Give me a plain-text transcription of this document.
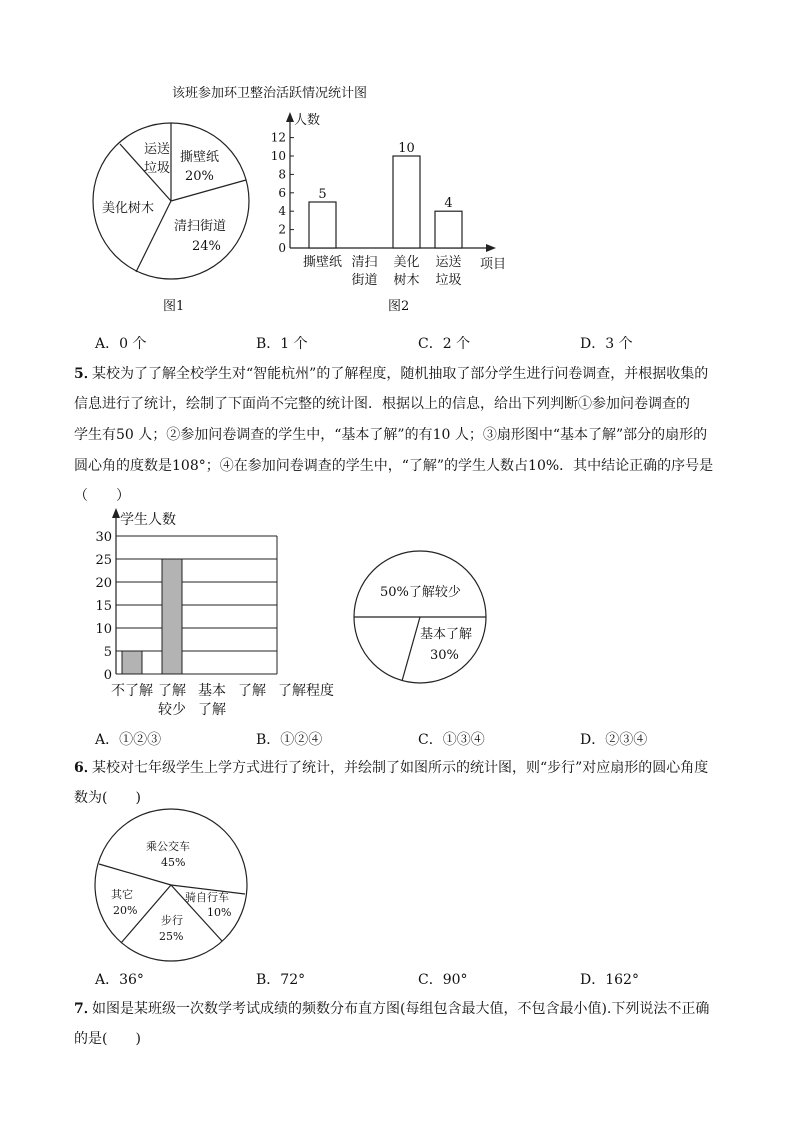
该班参加环卫整治活跃情况统计图
运送
垃圾
撕壁纸
20%
美化树木
清扫街道
24%
图1
人数
项目
0
2
4
6
8
10
12
5
撕壁纸 清扫
街道
10
美化
树木
4
运送
垃圾
图2
A．0 个	B．1 个	C．2 个	D．3 个
5．
某校为了了解全校学生对“智能杭州”的了解程度，随机抽取了部分学生进行问卷调查，并根据收集的
信息进行了统计，绘制了下面尚不完整的统计图．根据以上的信息，给出下列判断①参加问卷调查的
学生有50 人；②参加问卷调查的学生中，“基本了解”的有10 人；③扇形图中“基本了解”部分的扇形的
圆心角的度数是108°；④在参加问卷调查的学生中，“了解”的学生人数占10%．其中结论正确的序号是
（　　）
学生人数
0
5
10
15
20
25
30
不了解 了解
较少
基本
了解
了解 了解程度
50%了解较少
基本了解
30%
A．①②③	B．①②④	C．①③④	D．②③④
6．
某校对七年级学生上学方式进行了统计，并绘制了如图所示的统计图，则“步行”对应扇形的圆心角度
数为(　　)
乘公交车
45%
骑自行车
10%
步行
25%
其它
20%
A．36°	B．72°	C．90°	D．162°
7．
如图是某班级一次数学考试成绩的频数分布直方图(每组包含最大值，不包含最小值).下列说法不正确
的是(　　)
